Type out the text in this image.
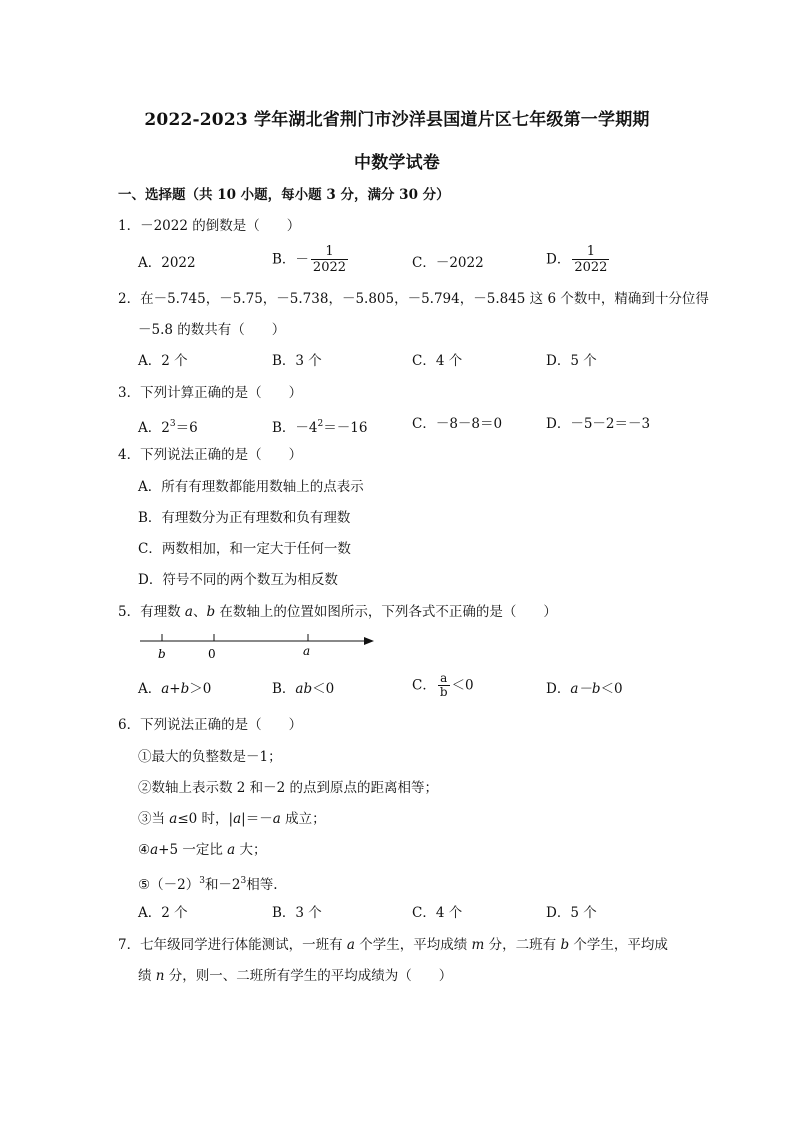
2022-2023 学年湖北省荆门市沙洋县国道片区七年级第一学期期
中数学试卷
一、选择题（共 10 小题，每小题 3 分，满分 30 分）
1．－2022 的倒数是（　　）
A．2022	B．－ $\frac{1}{2022}$	C．－2022	D． $\frac{1}{2022}$
2．在－5.745，－5.75，－5.738，－5.805，－5.794，－5.845 这 6 个数中，精确到十分位得
－5.8 的数共有（　　）
A．2 个	B．3 个	C．4 个	D．5 个
3．下列计算正确的是（　　）
A．$2^3=6$	B．$-4^2=-16$	C．－8－8＝0	D．－5－2＝－3
4．下列说法正确的是（　　）
A．所有有理数都能用数轴上的点表示
B．有理数分为正有理数和负有理数
C．两数相加，和一定大于任何一数
D．符号不同的两个数互为相反数
5．有理数 a、b 在数轴上的位置如图所示，下列各式不正确的是（　　）
b	0	a
A．a+b＞0	B．ab＜0	C． $\frac{a}{b} <0$	D．a－b＜0
6．下列说法正确的是（　　）
①最大的负整数是－1；
②数轴上表示数 2 和－2 的点到原点的距离相等；
③当 a≤0 时，|a|＝－a 成立；
④a+5 一定比 a 大；
$⑤(-2)^3$和$-2^3$相等.
A．2 个	B．3 个	C．4 个	D．5 个
7．七年级同学进行体能测试，一班有 a 个学生，平均成绩 m 分，二班有 b 个学生，平均成
绩 n 分，则一、二班所有学生的平均成绩为（　　）
